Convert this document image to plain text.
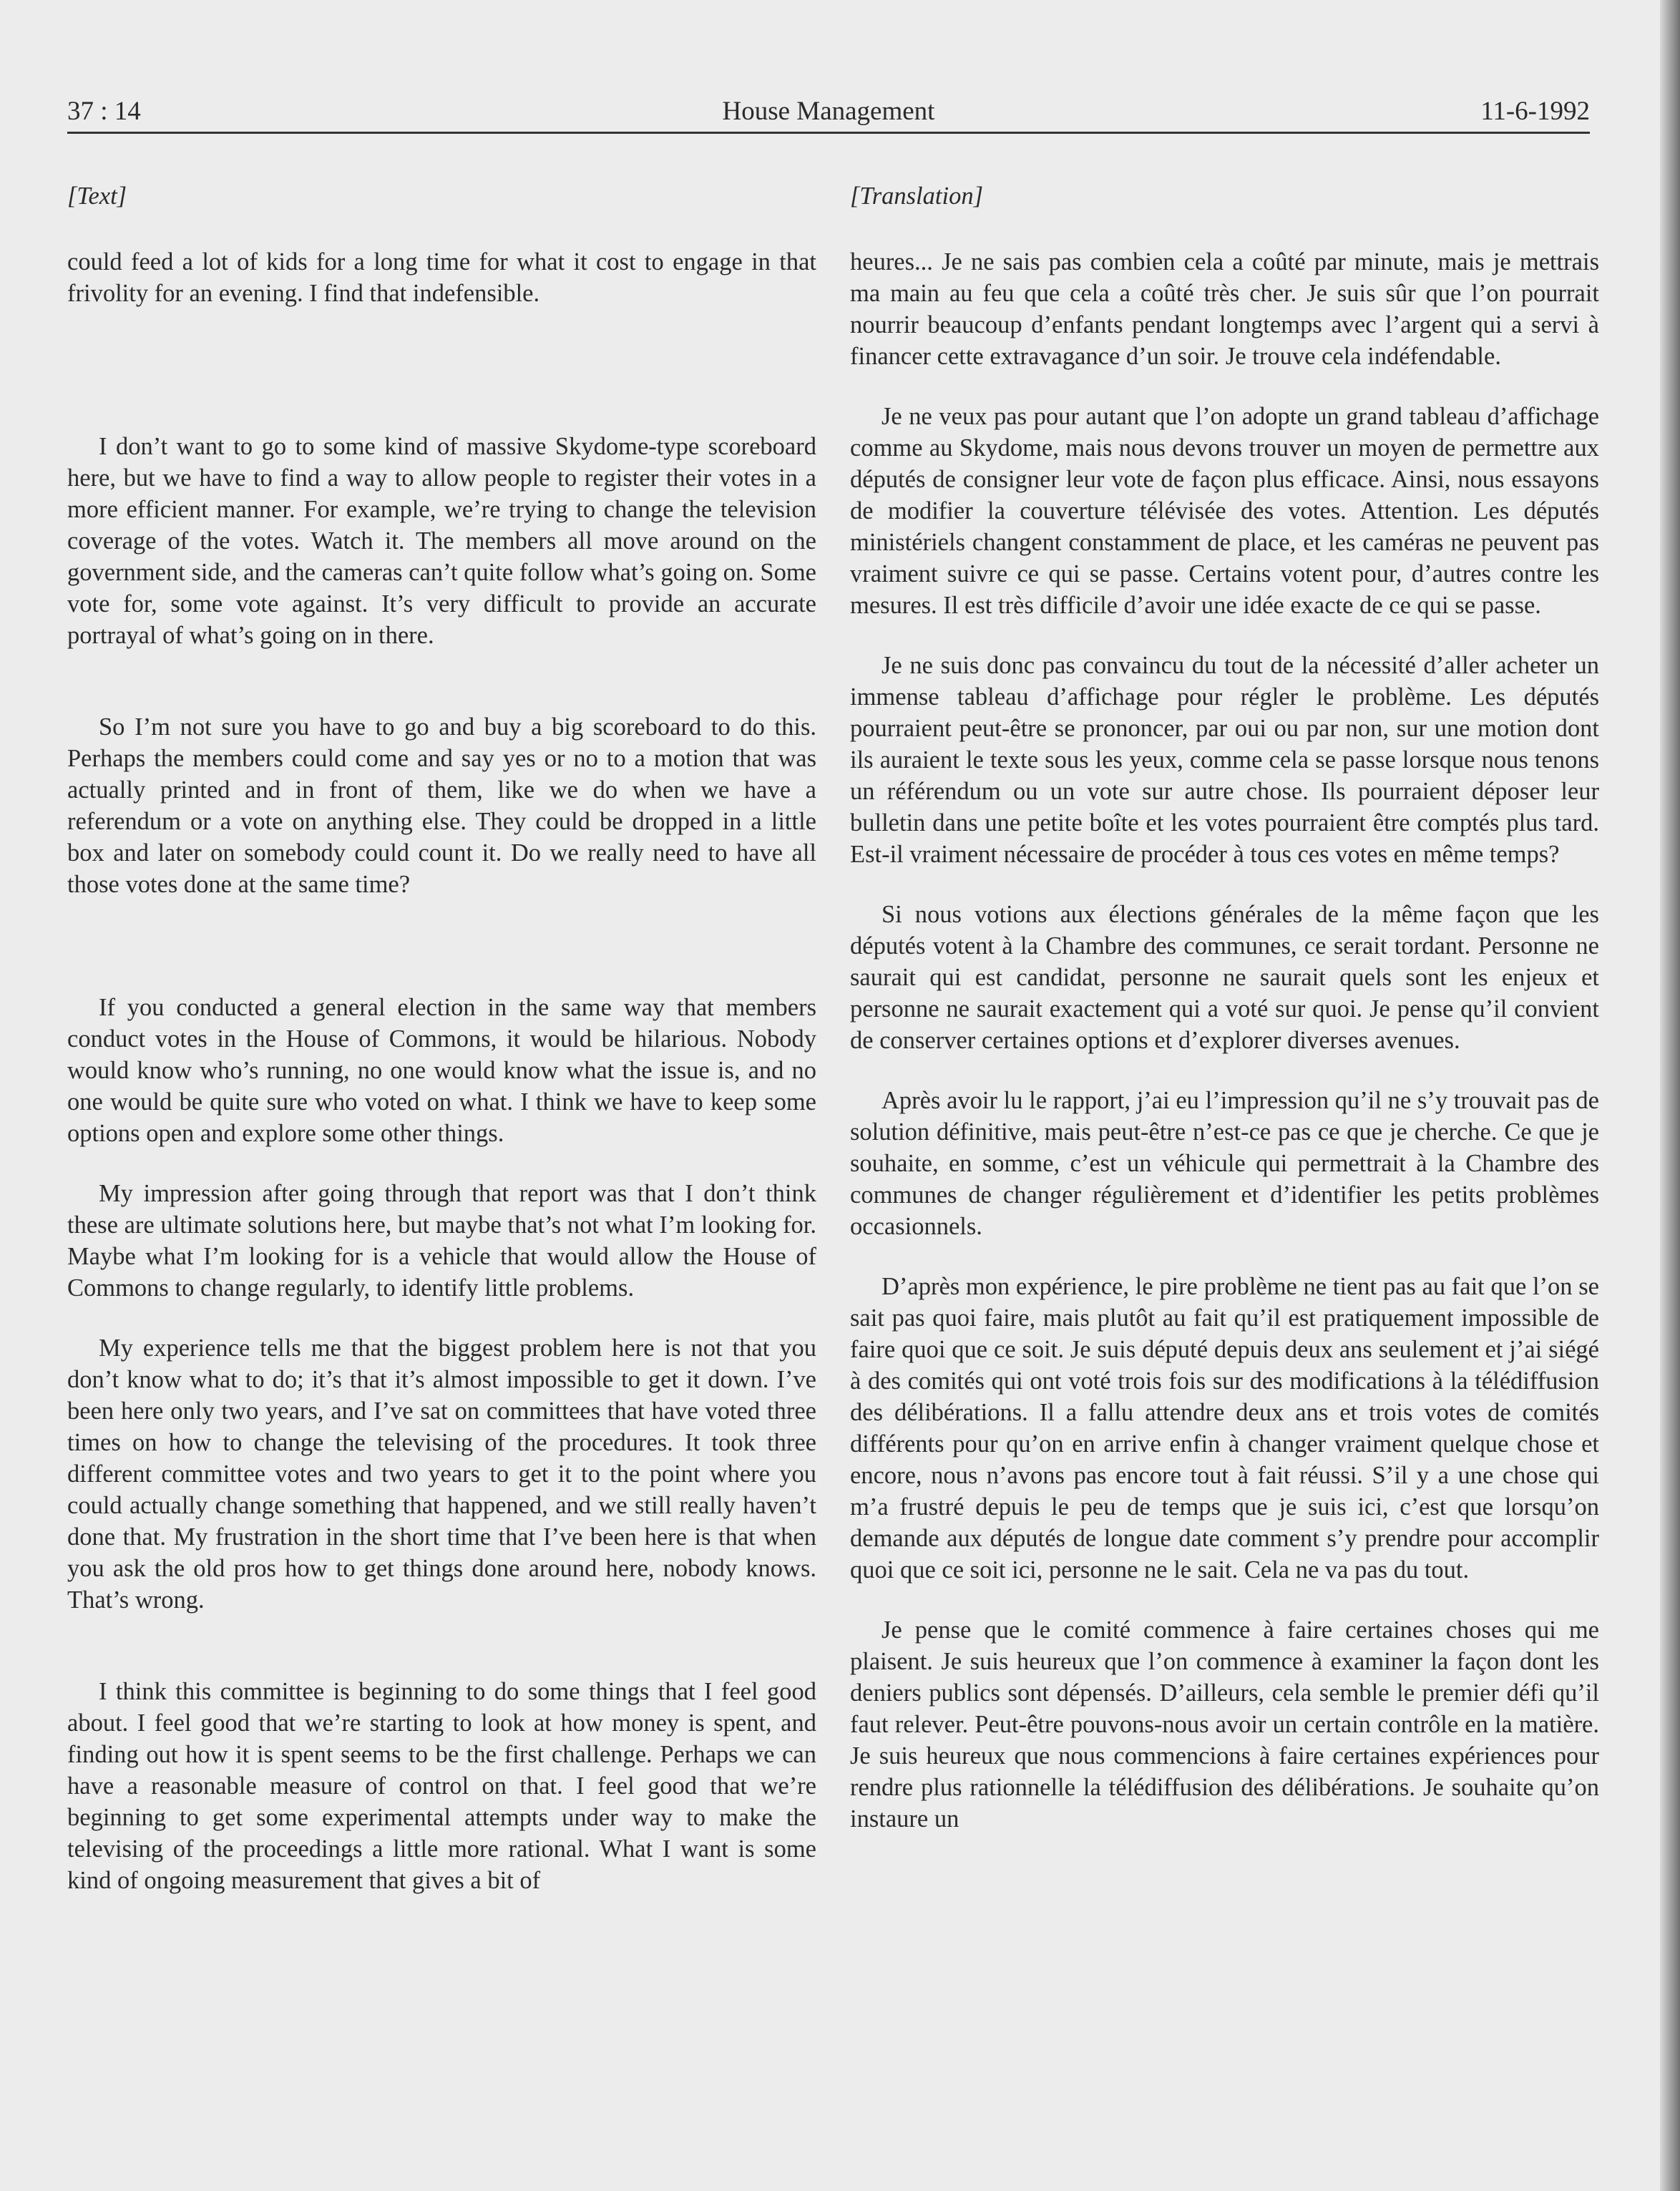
37 : 14	House Management	11-6-1992
[Text]

could feed a lot of kids for a long time for what it cost to engage in that frivolity for an evening. I find that indefensible.

I don’t want to go to some kind of massive Skydome-type scoreboard here, but we have to find a way to allow people to register their votes in a more efficient manner. For example, we’re trying to change the television coverage of the votes. Watch it. The members all move around on the government side, and the cameras can’t quite follow what’s going on. Some vote for, some vote against. It’s very difficult to provide an accurate portrayal of what’s going on in there.

So I’m not sure you have to go and buy a big scoreboard to do this. Perhaps the members could come and say yes or no to a motion that was actually printed and in front of them, like we do when we have a referendum or a vote on anything else. They could be dropped in a little box and later on somebody could count it. Do we really need to have all those votes done at the same time?

If you conducted a general election in the same way that members conduct votes in the House of Commons, it would be hilarious. Nobody would know who’s running, no one would know what the issue is, and no one would be quite sure who voted on what. I think we have to keep some options open and explore some other things.

My impression after going through that report was that I don’t think these are ultimate solutions here, but maybe that’s not what I’m looking for. Maybe what I’m looking for is a vehicle that would allow the House of Commons to change regularly, to identify little problems.

My experience tells me that the biggest problem here is not that you don’t know what to do; it’s that it’s almost impossible to get it down. I’ve been here only two years, and I’ve sat on committees that have voted three times on how to change the televising of the procedures. It took three different committee votes and two years to get it to the point where you could actually change something that happened, and we still really haven’t done that. My frustration in the short time that I’ve been here is that when you ask the old pros how to get things done around here, nobody knows. That’s wrong.

I think this committee is beginning to do some things that I feel good about. I feel good that we’re starting to look at how money is spent, and finding out how it is spent seems to be the first challenge. Perhaps we can have a reasonable measure of control on that. I feel good that we’re beginning to get some experimental attempts under way to make the televising of the proceedings a little more rational. What I want is some kind of ongoing measurement that gives a bit of

[Translation]

heures... Je ne sais pas combien cela a coûté par minute, mais je mettrais ma main au feu que cela a coûté très cher. Je suis sûr que l’on pourrait nourrir beaucoup d’enfants pendant longtemps avec l’argent qui a servi à financer cette extravagance d’un soir. Je trouve cela indéfendable.

Je ne veux pas pour autant que l’on adopte un grand tableau d’affichage comme au Skydome, mais nous devons trouver un moyen de permettre aux députés de consigner leur vote de façon plus efficace. Ainsi, nous essayons de modifier la couverture télévisée des votes. Attention. Les députés ministériels changent constamment de place, et les caméras ne peuvent pas vraiment suivre ce qui se passe. Certains votent pour, d’autres contre les mesures. Il est très difficile d’avoir une idée exacte de ce qui se passe.

Je ne suis donc pas convaincu du tout de la nécessité d’aller acheter un immense tableau d’affichage pour régler le problème. Les députés pourraient peut-être se prononcer, par oui ou par non, sur une motion dont ils auraient le texte sous les yeux, comme cela se passe lorsque nous tenons un référendum ou un vote sur autre chose. Ils pourraient déposer leur bulletin dans une petite boîte et les votes pourraient être comptés plus tard. Est-il vraiment nécessaire de procéder à tous ces votes en même temps?

Si nous votions aux élections générales de la même façon que les députés votent à la Chambre des communes, ce serait tordant. Personne ne saurait qui est candidat, personne ne saurait quels sont les enjeux et personne ne saurait exactement qui a voté sur quoi. Je pense qu’il convient de conserver certaines options et d’explorer diverses avenues.

Après avoir lu le rapport, j’ai eu l’impression qu’il ne s’y trouvait pas de solution définitive, mais peut-être n’est-ce pas ce que je cherche. Ce que je souhaite, en somme, c’est un véhicule qui permettrait à la Chambre des communes de changer régulièrement et d’identifier les petits problèmes occasionnels.

D’après mon expérience, le pire problème ne tient pas au fait que l’on se sait pas quoi faire, mais plutôt au fait qu’il est pratiquement impossible de faire quoi que ce soit. Je suis député depuis deux ans seulement et j’ai siégé à des comités qui ont voté trois fois sur des modifications à la télédiffusion des délibérations. Il a fallu attendre deux ans et trois votes de comités différents pour qu’on en arrive enfin à changer vraiment quelque chose et encore, nous n’avons pas encore tout à fait réussi. S’il y a une chose qui m’a frustré depuis le peu de temps que je suis ici, c’est que lorsqu’on demande aux députés de longue date comment s’y prendre pour accomplir quoi que ce soit ici, personne ne le sait. Cela ne va pas du tout.

Je pense que le comité commence à faire certaines choses qui me plaisent. Je suis heureux que l’on commence à examiner la façon dont les deniers publics sont dépensés. D’ailleurs, cela semble le premier défi qu’il faut relever. Peut-être pouvons-nous avoir un certain contrôle en la matière. Je suis heureux que nous commencions à faire certaines expériences pour rendre plus rationnelle la télédiffusion des délibérations. Je souhaite qu’on instaure un
